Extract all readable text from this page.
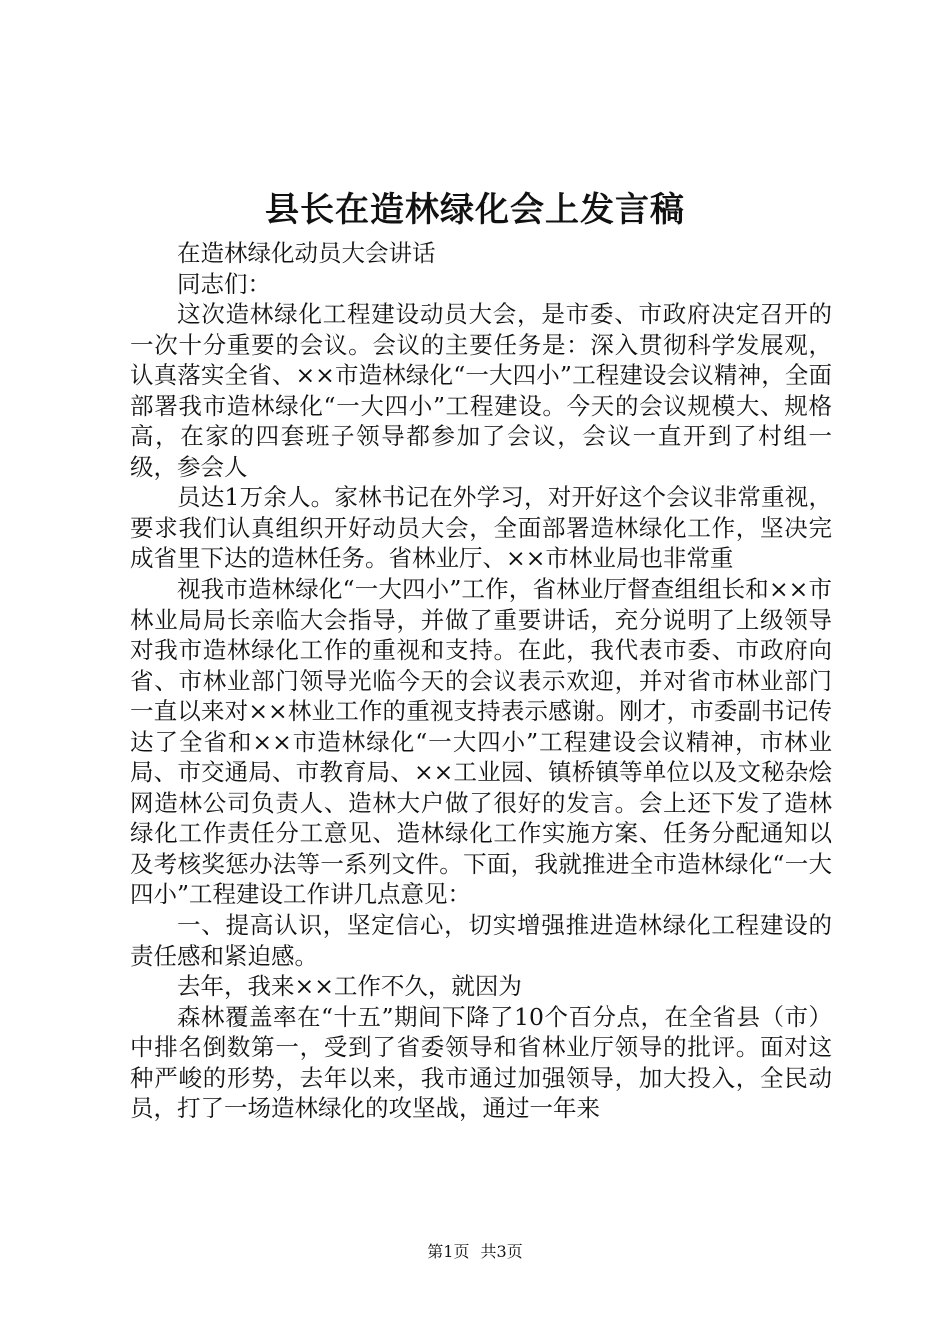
县长在造林绿化会上发言稿

在造林绿化动员大会讲话

同志们：

这次造林绿化工程建设动员大会，是市委、市政府决定召开的一次十分重要的会议。会议的主要任务是：深入贯彻科学发展观，认真落实全省、××市造林绿化“一大四小”工程建设会议精神，全面部署我市造林绿化“一大四小”工程建设。今天的会议规模大、规格高，在家的四套班子领导都参加了会议，会议一直开到了村组一级，参会人

员达1万余人。家林书记在外学习，对开好这个会议非常重视，要求我们认真组织开好动员大会，全面部署造林绿化工作，坚决完成省里下达的造林任务。省林业厅、××市林业局也非常重

视我市造林绿化“一大四小”工作，省林业厅督查组组长和××市林业局局长亲临大会指导，并做了重要讲话，充分说明了上级领导对我市造林绿化工作的重视和支持。在此，我代表市委、市政府向省、市林业部门领导光临今天的会议表示欢迎，并对省市林业部门一直以来对××林业工作的重视支持表示感谢。刚才，市委副书记传达了全省和××市造林绿化“一大四小”工程建设会议精神，市林业局、市交通局、市教育局、××工业园、镇桥镇等单位以及文秘杂烩网造林公司负责人、造林大户做了很好的发言。会上还下发了造林绿化工作责任分工意见、造林绿化工作实施方案、任务分配通知以及考核奖惩办法等一系列文件。下面，我就推进全市造林绿化“一大四小”工程建设工作讲几点意见：

一、提高认识，坚定信心，切实增强推进造林绿化工程建设的责任感和紧迫感。

去年，我来××工作不久，就因为

森林覆盖率在“十五”期间下降了10个百分点，在全省县（市）中排名倒数第一，受到了省委领导和省林业厅领导的批评。面对这种严峻的形势，去年以来，我市通过加强领导，加大投入，全民动员，打了一场造林绿化的攻坚战，通过一年来

第1页 共3页
